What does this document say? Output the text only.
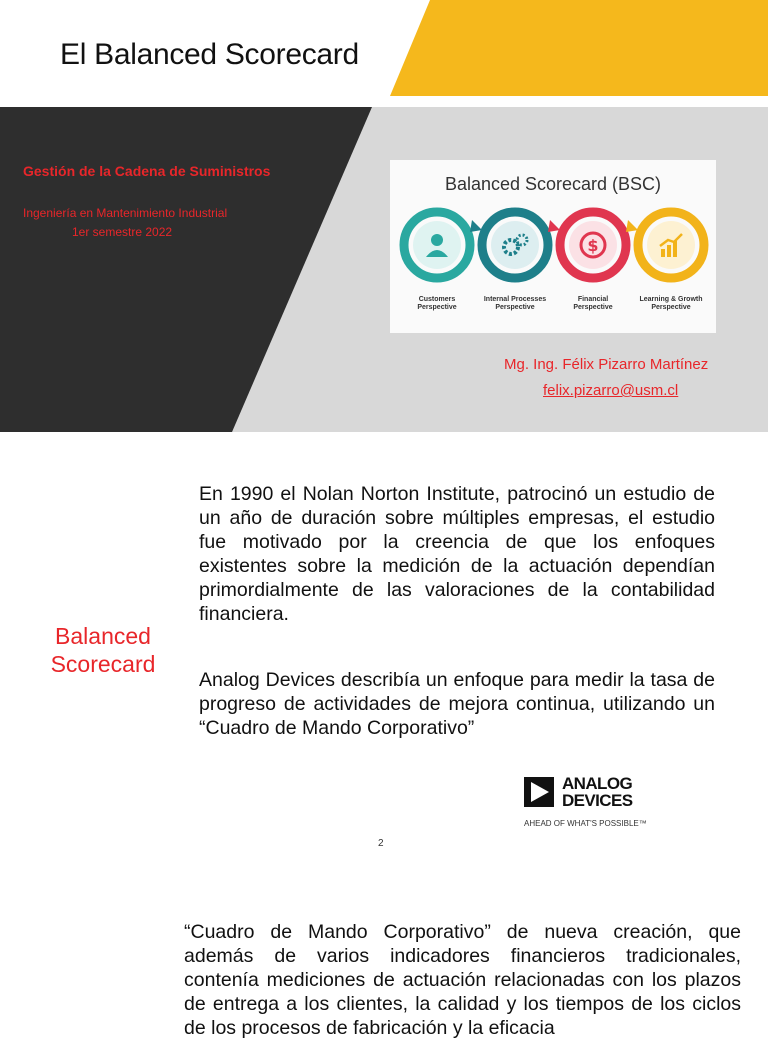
El Balanced Scorecard
Gestión de la Cadena de Suministros
Ingeniería en Mantenimiento Industrial
1er semestre 2022
Balanced Scorecard (BSC)
$
Customers
Perspective
Internal Processes
Perspective
Financial
Perspective
Learning & Growth
Perspective
Mg. Ing. Félix Pizarro Martínez
felix.pizarro@usm.cl
Balanced Scorecard
En 1990 el Nolan Norton Institute, patrocinó un estudio de un año de duración sobre múltiples empresas, el estudio fue motivado por la creencia de que los enfoques existentes sobre la medición de la actuación dependían primordialmente de las valoraciones de la contabilidad financiera.
Analog Devices describía un enfoque para medir la tasa de progreso de actividades de mejora continua, utilizando un “Cuadro de Mando Corporativo”
ANALOG
DEVICES
AHEAD OF WHAT'S POSSIBLE™
2
“Cuadro de Mando Corporativo” de nueva creación, que además de varios indicadores financieros tradicionales, contenía mediciones de actuación relacionadas con los plazos de entrega a los clientes, la calidad y los tiempos de los ciclos de los procesos de fabricación y la eficacia
